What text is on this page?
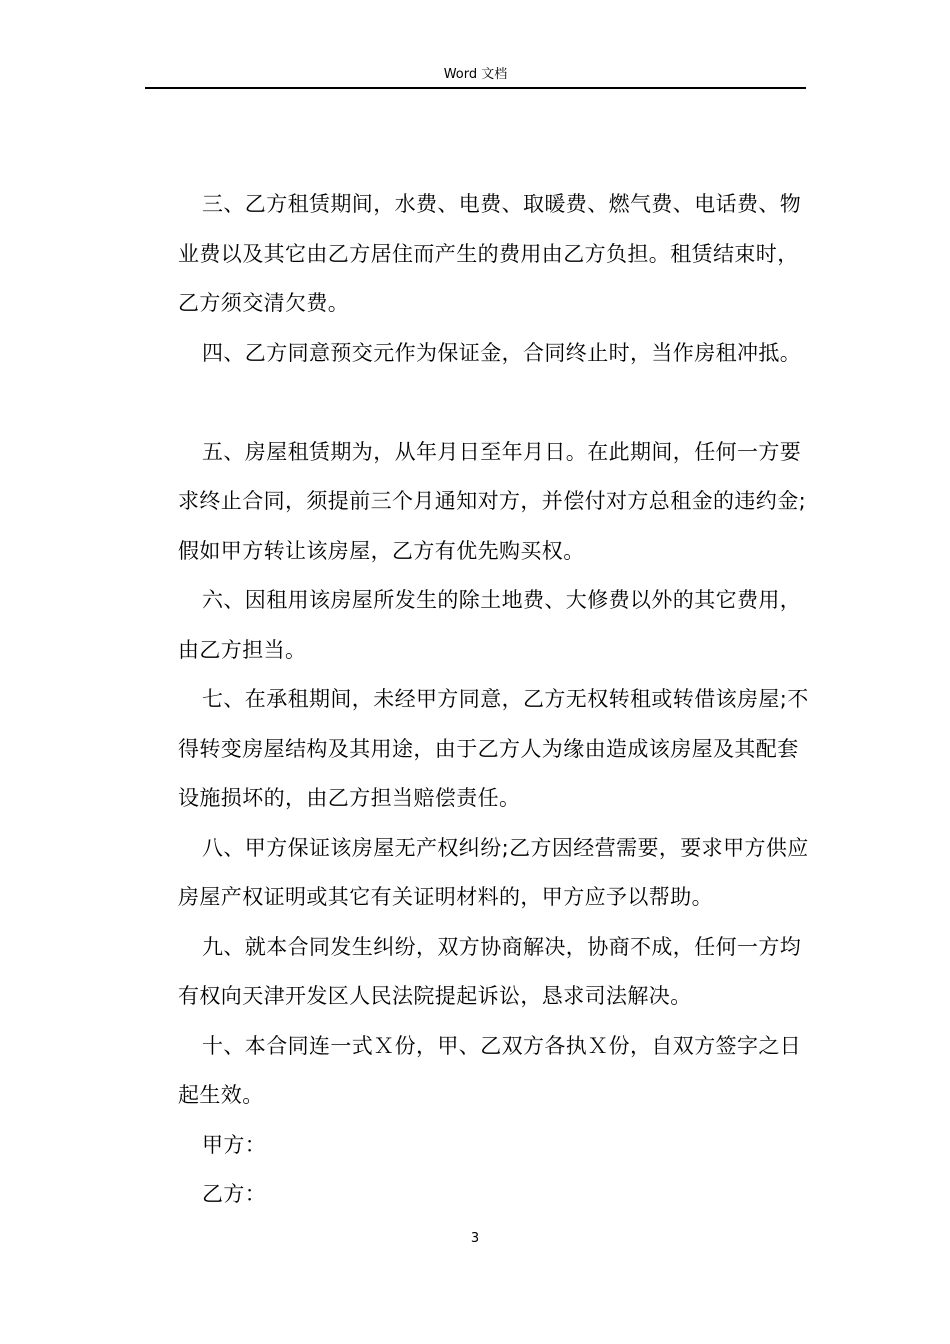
Word 文档

三、乙方租赁期间，水费、电费、取暖费、燃气费、电话费、物业费以及其它由乙方居住而产生的费用由乙方负担。租赁结束时，乙方须交清欠费。

四、乙方同意预交元作为保证金，合同终止时，当作房租冲抵。

五、房屋租赁期为，从年月日至年月日。在此期间，任何一方要求终止合同，须提前三个月通知对方，并偿付对方总租金的违约金;假如甲方转让该房屋，乙方有优先购买权。

六、因租用该房屋所发生的除土地费、大修费以外的其它费用，由乙方担当。

七、在承租期间，未经甲方同意，乙方无权转租或转借该房屋;不得转变房屋结构及其用途，由于乙方人为缘由造成该房屋及其配套设施损坏的，由乙方担当赔偿责任。

八、甲方保证该房屋无产权纠纷;乙方因经营需要，要求甲方供应房屋产权证明或其它有关证明材料的，甲方应予以帮助。

九、就本合同发生纠纷，双方协商解决，协商不成，任何一方均有权向天津开发区人民法院提起诉讼，恳求司法解决。

十、本合同连一式Ｘ份，甲、乙双方各执Ｘ份，自双方签字之日起生效。

甲方：

乙方：

3
